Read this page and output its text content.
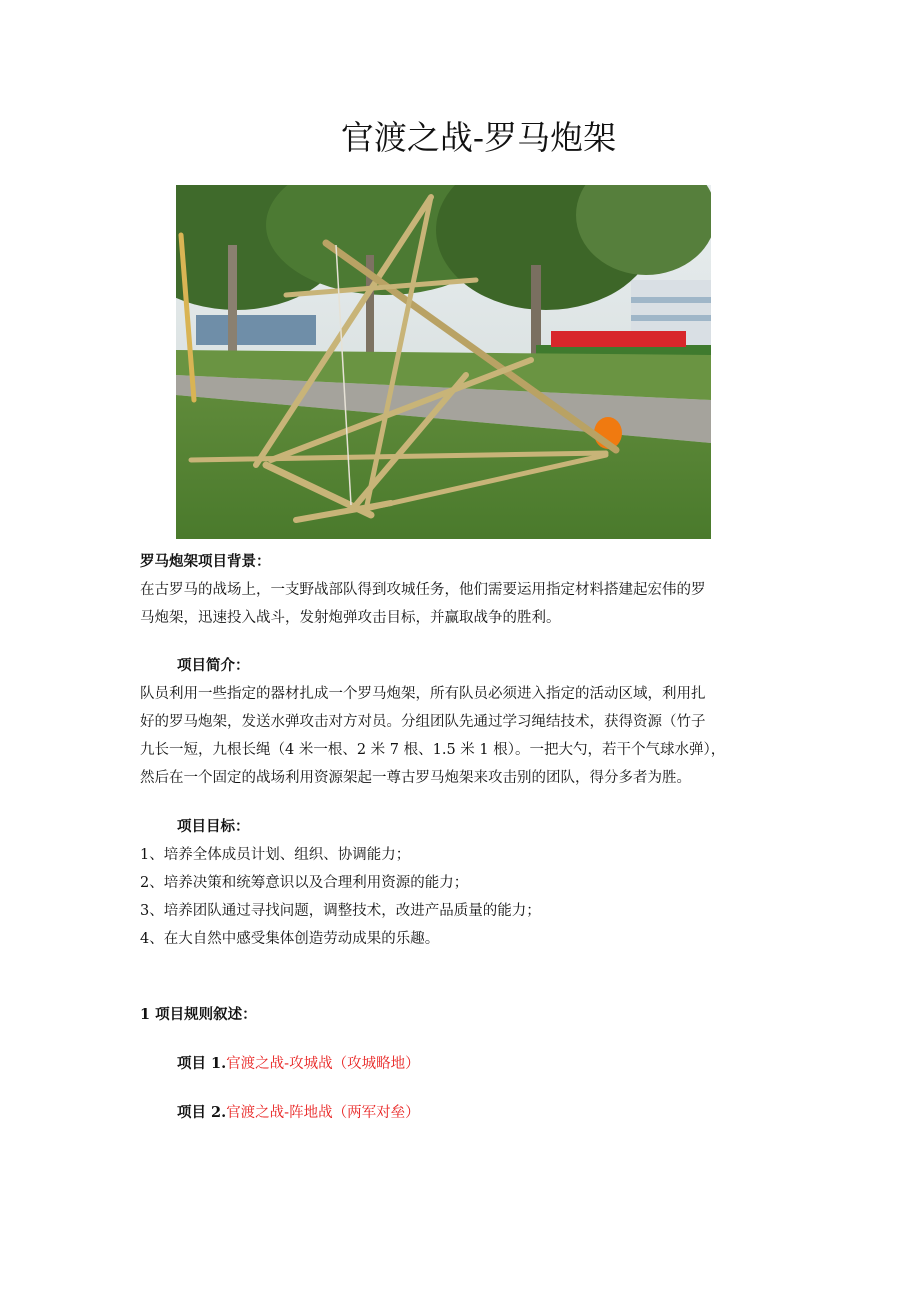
官渡之战-罗马炮架

罗马炮架项目背景：

在古罗马的战场上，一支野战部队得到攻城任务，他们需要运用指定材料搭建起宏伟的罗

马炮架，迅速投入战斗，发射炮弹攻击目标，并赢取战争的胜利。

项目简介：

队员利用一些指定的器材扎成一个罗马炮架，所有队员必须进入指定的活动区域，利用扎

好的罗马炮架，发送水弹攻击对方对员。分组团队先通过学习绳结技术，获得资源（竹子

九长一短，九根长绳（4 米一根、2 米 7 根、1.5 米 1 根）。一把大勺，若干个气球水弹），

然后在一个固定的战场利用资源架起一尊古罗马炮架来攻击别的团队，得分多者为胜。

项目目标：

1、培养全体成员计划、组织、协调能力；

2、培养决策和统筹意识以及合理利用资源的能力；

3、培养团队通过寻找问题，调整技术，改进产品质量的能力；

4、在大自然中感受集体创造劳动成果的乐趣。

1 项目规则叙述：

项目 1.官渡之战-攻城战（攻城略地）

项目 2.官渡之战-阵地战（两军对垒）
